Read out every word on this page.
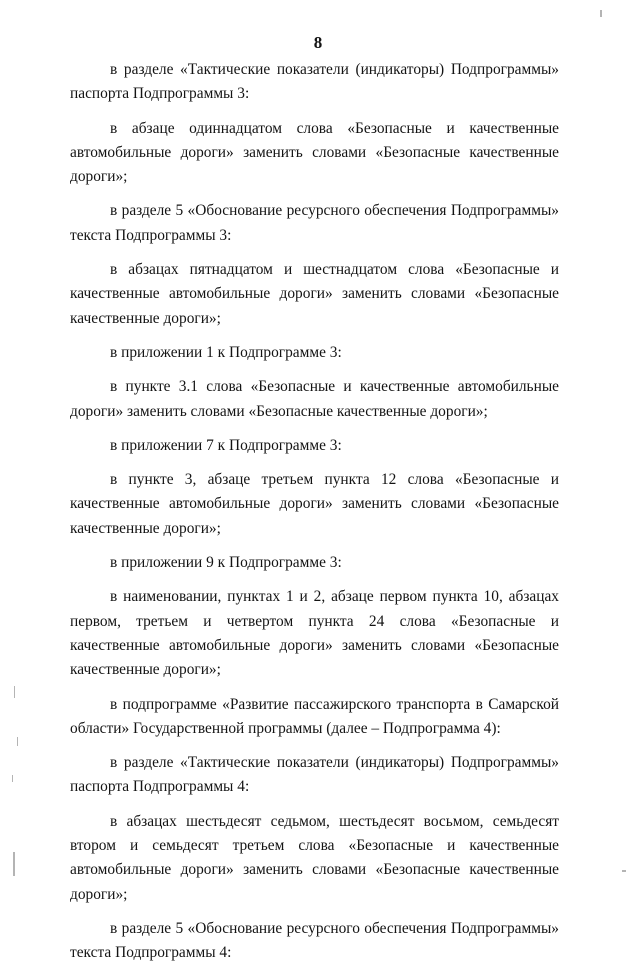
8

в разделе «Тактические показатели (индикаторы) Подпрограммы» паспорта Подпрограммы 3:

в абзаце одиннадцатом слова «Безопасные и качественные автомобильные дороги» заменить словами «Безопасные качественные дороги»;

в разделе 5 «Обоснование ресурсного обеспечения Подпрограммы» текста Подпрограммы 3:

в абзацах пятнадцатом и шестнадцатом слова «Безопасные и качественные автомобильные дороги» заменить словами «Безопасные качественные дороги»;

в приложении 1 к Подпрограмме 3:

в пункте 3.1 слова «Безопасные и качественные автомобильные дороги» заменить словами «Безопасные качественные дороги»;

в приложении 7 к Подпрограмме 3:

в пункте 3, абзаце третьем пункта 12 слова «Безопасные и качественные автомобильные дороги» заменить словами «Безопасные качественные дороги»;

в приложении 9 к Подпрограмме 3:

в наименовании, пунктах 1 и 2, абзаце первом пункта 10, абзацах первом, третьем и четвертом пункта 24 слова «Безопасные и качественные автомобильные дороги» заменить словами «Безопасные качественные дороги»;

в подпрограмме «Развитие пассажирского транспорта в Самарской области» Государственной программы (далее – Подпрограмма 4):

в разделе «Тактические показатели (индикаторы) Подпрограммы» паспорта Подпрограммы 4:

в абзацах шестьдесят седьмом, шестьдесят восьмом, семьдесят втором и семьдесят третьем слова «Безопасные и качественные автомобильные дороги» заменить словами «Безопасные качественные дороги»;

в разделе 5 «Обоснование ресурсного обеспечения Подпрограммы» текста Подпрограммы 4:
